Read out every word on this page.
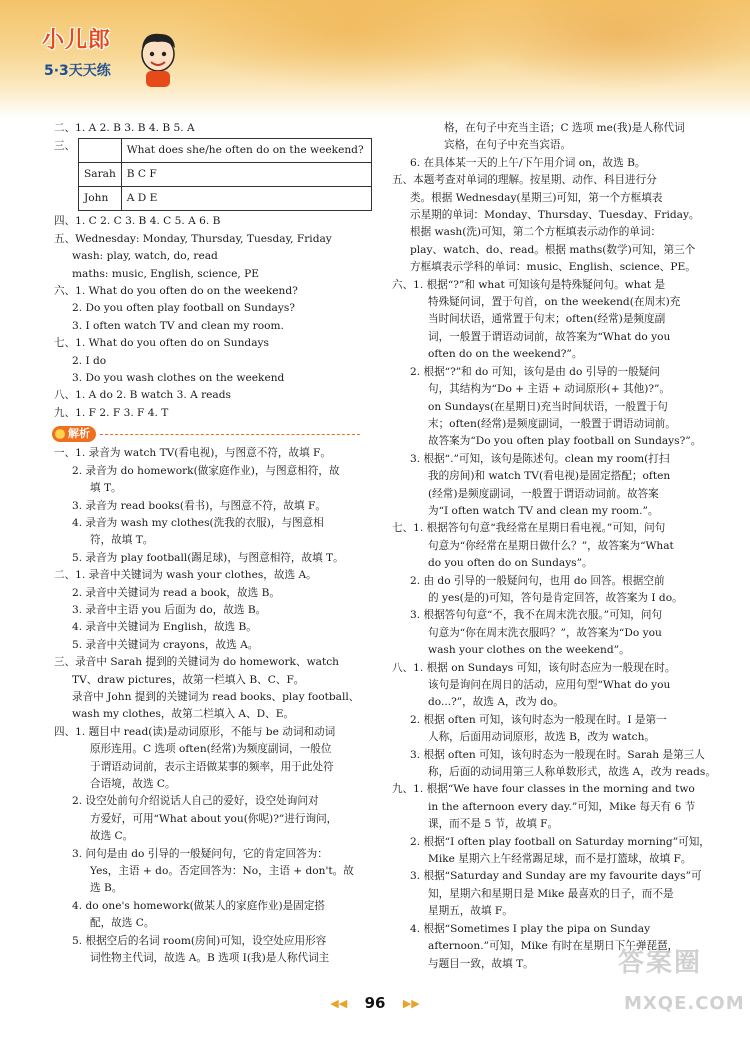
小儿郎
5·3天天练
二、1. A 2. B 3. B 4. B 5. A
三、
		What does she/he often do on the weekend?
Sarah	B C F
John	A D E
四、1. C 2. C 3. B 4. C 5. A 6. B
五、Wednesday: Monday, Thursday, Tuesday, Friday
wash: play, watch, do, read
maths: music, English, science, PE
六、1. What do you often do on the weekend?
2. Do you often play football on Sundays?
3. I often watch TV and clean my room.
七、1. What do you often do on Sundays
2. I do
3. Do you wash clothes on the weekend
八、1. A do 2. B watch 3. A reads
九、1. F 2. F 3. F 4. T
解析
一、1. 录音为 watch TV(看电视)，与图意不符，故填 F。
2. 录音为 do homework(做家庭作业)，与图意相符，故
填 T。
3. 录音为 read books(看书)，与图意不符，故填 F。
4. 录音为 wash my clothes(洗我的衣服)，与图意相
符，故填 T。
5. 录音为 play football(踢足球)，与图意相符，故填 T。
二、1. 录音中关键词为 wash your clothes，故选 A。
2. 录音中关键词为 read a book，故选 B。
3. 录音中主语 you 后面为 do，故选 B。
4. 录音中关键词为 English，故选 B。
5. 录音中关键词为 crayons，故选 A。
三、录音中 Sarah 提到的关键词为 do homework、watch
TV、draw pictures，故第一栏填入 B、C、F。
录音中 John 提到的关键词为 read books、play football、
wash my clothes，故第二栏填入 A、D、E。
四、1. 题目中 read(读)是动词原形，不能与 be 动词和动词
原形连用。C 选项 often(经常)为频度副词，一般位
于谓语动词前，表示主语做某事的频率，用于此处符
合语境，故选 C。
2. 设空处前句介绍说话人自己的爱好，设空处询问对
方爱好，可用“What about you(你呢)?”进行询问，
故选 C。
3. 问句是由 do 引导的一般疑问句，它的肯定回答为：
Yes，主语 + do。否定回答为：No，主语 + don't。故
选 B。
4. do one's homework(做某人的家庭作业)是固定搭
配，故选 C。
5. 根据空后的名词 room(房间)可知，设空处应用形容
词性物主代词，故选 A。B 选项 I(我)是人称代词主
格，在句子中充当主语；C 选项 me(我)是人称代词
宾格，在句子中充当宾语。
6. 在具体某一天的上午/下午用介词 on，故选 B。
五、本题考查对单词的理解。按星期、动作、科目进行分
类。根据 Wednesday(星期三)可知，第一个方框填表
示星期的单词：Monday、Thursday、Tuesday、Friday。
根据 wash(洗)可知，第二个方框填表示动作的单词：
play、watch、do、read。根据 maths(数学)可知，第三个
方框填表示学科的单词：music、English、science、PE。
六、1. 根据“?”和 what 可知该句是特殊疑问句。what 是
特殊疑问词，置于句首，on the weekend(在周末)充
当时间状语，通常置于句末；often(经常)是频度副
词，一般置于谓语动词前，故答案为“What do you
often do on the weekend?”。
2. 根据“?”和 do 可知，该句是由 do 引导的一般疑问
句，其结构为“Do + 主语 + 动词原形(+ 其他)?”。
on Sundays(在星期日)充当时间状语，一般置于句
末；often(经常)是频度副词，一般置于谓语动词前。
故答案为“Do you often play football on Sundays?”。
3. 根据“.”可知，该句是陈述句。clean my room(打扫
我的房间)和 watch TV(看电视)是固定搭配；often
(经常)是频度副词，一般置于谓语动词前。故答案
为“I often watch TV and clean my room.”。
七、1. 根据答句句意“我经常在星期日看电视。”可知，问句
句意为“你经常在星期日做什么？”，故答案为“What
do you often do on Sundays”。
2. 由 do 引导的一般疑问句，也用 do 回答。根据空前
的 yes(是的)可知，答句是肯定回答，故答案为 I do。
3. 根据答句句意“不，我不在周末洗衣服。”可知，问句
句意为“你在周末洗衣服吗？”，故答案为“Do you
wash your clothes on the weekend”。
八、1. 根据 on Sundays 可知，该句时态应为一般现在时。
该句是询问在周日的活动，应用句型“What do you
do...?”，故选 A，改为 do。
2. 根据 often 可知，该句时态为一般现在时。I 是第一
人称，后面用动词原形，故选 B，改为 watch。
3. 根据 often 可知，该句时态为一般现在时。Sarah 是第三人
称，后面的动词用第三人称单数形式，故选 A，改为 reads。
九、1. 根据“We have four classes in the morning and two
in the afternoon every day.”可知，Mike 每天有 6 节
课，而不是 5 节，故填 F。
2. 根据“I often play football on Saturday morning”可知，
Mike 星期六上午经常踢足球，而不是打篮球，故填 F。
3. 根据“Saturday and Sunday are my favourite days”可
知，星期六和星期日是 Mike 最喜欢的日子，而不是
星期五，故填 F。
4. 根据“Sometimes I play the pipa on Sunday
afternoon.”可知，Mike 有时在星期日下午弹琵琶，
与题目一致，故填 T。
◀◀ 96 ▶▶
答案圈
MXQE.COM
